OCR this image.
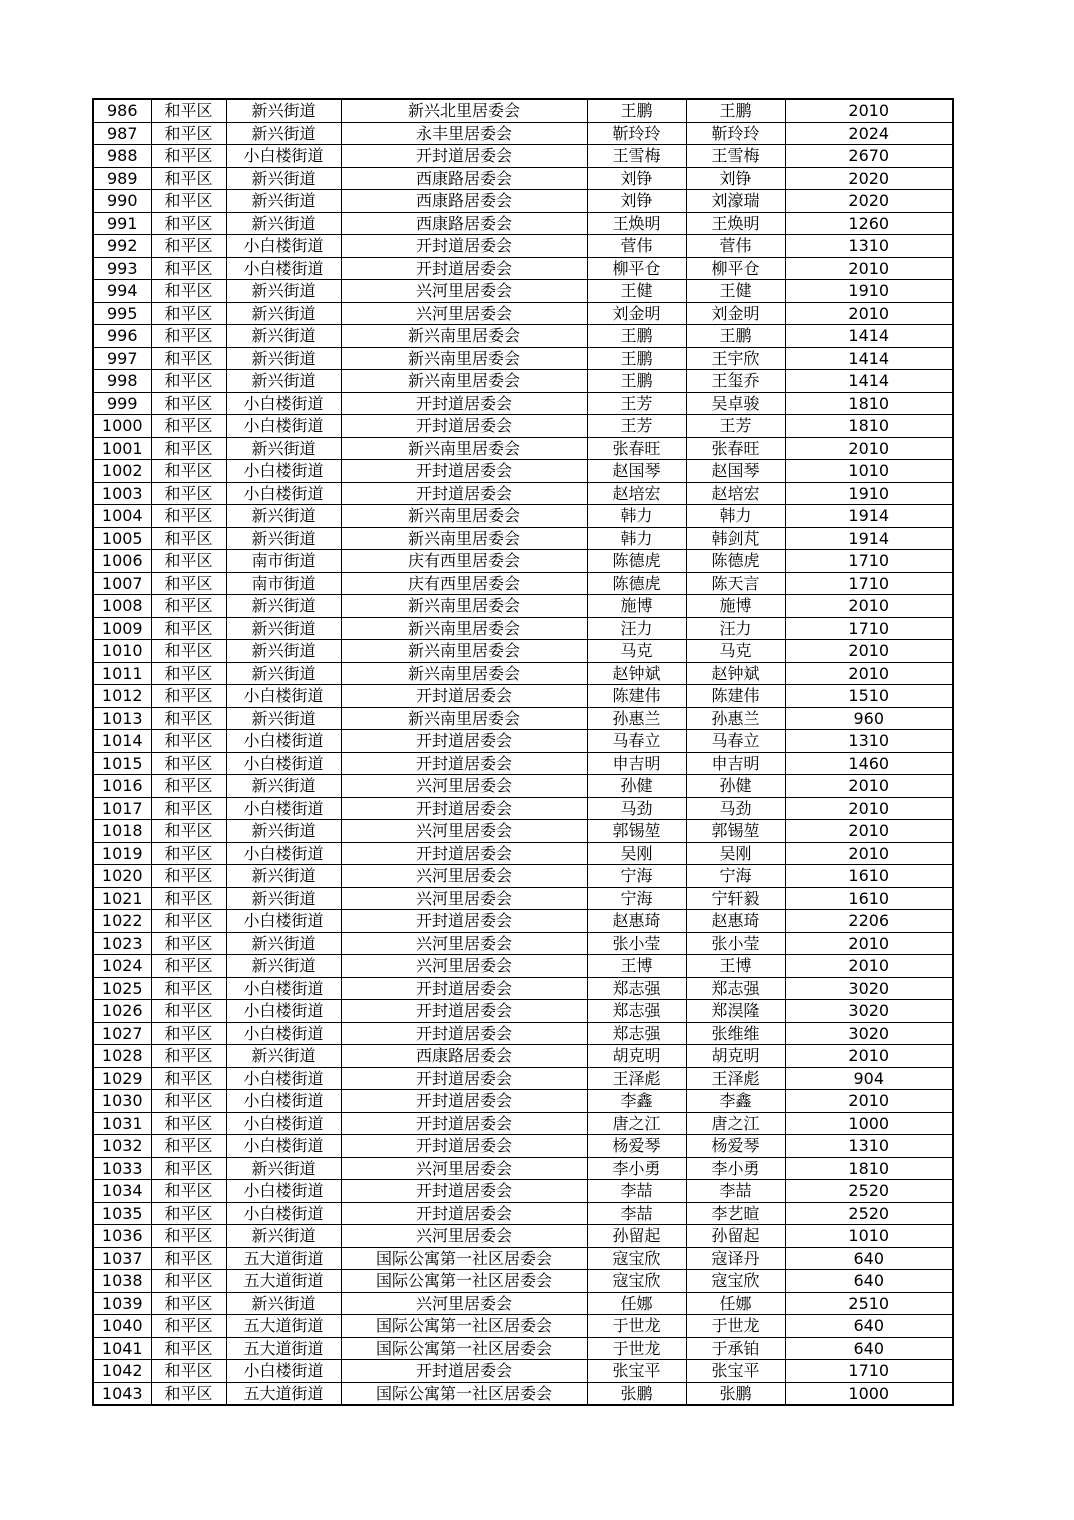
986	和平区	新兴街道	新兴北里居委会	王鹏	王鹏	2010
987	和平区	新兴街道	永丰里居委会	靳玲玲	靳玲玲	2024
988	和平区	小白楼街道	开封道居委会	王雪梅	王雪梅	2670
989	和平区	新兴街道	西康路居委会	刘铮	刘铮	2020
990	和平区	新兴街道	西康路居委会	刘铮	刘濠瑞	2020
991	和平区	新兴街道	西康路居委会	王焕明	王焕明	1260
992	和平区	小白楼街道	开封道居委会	菅伟	菅伟	1310
993	和平区	小白楼街道	开封道居委会	柳平仓	柳平仓	2010
994	和平区	新兴街道	兴河里居委会	王健	王健	1910
995	和平区	新兴街道	兴河里居委会	刘金明	刘金明	2010
996	和平区	新兴街道	新兴南里居委会	王鹏	王鹏	1414
997	和平区	新兴街道	新兴南里居委会	王鹏	王宇欣	1414
998	和平区	新兴街道	新兴南里居委会	王鹏	王玺乔	1414
999	和平区	小白楼街道	开封道居委会	王芳	吴卓骏	1810
1000	和平区	小白楼街道	开封道居委会	王芳	王芳	1810
1001	和平区	新兴街道	新兴南里居委会	张春旺	张春旺	2010
1002	和平区	小白楼街道	开封道居委会	赵国琴	赵国琴	1010
1003	和平区	小白楼街道	开封道居委会	赵培宏	赵培宏	1910
1004	和平区	新兴街道	新兴南里居委会	韩力	韩力	1914
1005	和平区	新兴街道	新兴南里居委会	韩力	韩剑芃	1914
1006	和平区	南市街道	庆有西里居委会	陈德虎	陈德虎	1710
1007	和平区	南市街道	庆有西里居委会	陈德虎	陈天言	1710
1008	和平区	新兴街道	新兴南里居委会	施博	施博	2010
1009	和平区	新兴街道	新兴南里居委会	汪力	汪力	1710
1010	和平区	新兴街道	新兴南里居委会	马克	马克	2010
1011	和平区	新兴街道	新兴南里居委会	赵钟斌	赵钟斌	2010
1012	和平区	小白楼街道	开封道居委会	陈建伟	陈建伟	1510
1013	和平区	新兴街道	新兴南里居委会	孙惠兰	孙惠兰	960
1014	和平区	小白楼街道	开封道居委会	马春立	马春立	1310
1015	和平区	小白楼街道	开封道居委会	申吉明	申吉明	1460
1016	和平区	新兴街道	兴河里居委会	孙健	孙健	2010
1017	和平区	小白楼街道	开封道居委会	马劲	马劲	2010
1018	和平区	新兴街道	兴河里居委会	郭锡堃	郭锡堃	2010
1019	和平区	小白楼街道	开封道居委会	吴刚	吴刚	2010
1020	和平区	新兴街道	兴河里居委会	宁海	宁海	1610
1021	和平区	新兴街道	兴河里居委会	宁海	宁轩毅	1610
1022	和平区	小白楼街道	开封道居委会	赵惠琦	赵惠琦	2206
1023	和平区	新兴街道	兴河里居委会	张小莹	张小莹	2010
1024	和平区	新兴街道	兴河里居委会	王博	王博	2010
1025	和平区	小白楼街道	开封道居委会	郑志强	郑志强	3020
1026	和平区	小白楼街道	开封道居委会	郑志强	郑淏隆	3020
1027	和平区	小白楼街道	开封道居委会	郑志强	张维维	3020
1028	和平区	新兴街道	西康路居委会	胡克明	胡克明	2010
1029	和平区	小白楼街道	开封道居委会	王泽彪	王泽彪	904
1030	和平区	小白楼街道	开封道居委会	李鑫	李鑫	2010
1031	和平区	小白楼街道	开封道居委会	唐之江	唐之江	1000
1032	和平区	小白楼街道	开封道居委会	杨爱琴	杨爱琴	1310
1033	和平区	新兴街道	兴河里居委会	李小勇	李小勇	1810
1034	和平区	小白楼街道	开封道居委会	李喆	李喆	2520
1035	和平区	小白楼街道	开封道居委会	李喆	李艺暄	2520
1036	和平区	新兴街道	兴河里居委会	孙留起	孙留起	1010
1037	和平区	五大道街道	国际公寓第一社区居委会	寇宝欣	寇译丹	640
1038	和平区	五大道街道	国际公寓第一社区居委会	寇宝欣	寇宝欣	640
1039	和平区	新兴街道	兴河里居委会	任娜	任娜	2510
1040	和平区	五大道街道	国际公寓第一社区居委会	于世龙	于世龙	640
1041	和平区	五大道街道	国际公寓第一社区居委会	于世龙	于承铂	640
1042	和平区	小白楼街道	开封道居委会	张宝平	张宝平	1710
1043	和平区	五大道街道	国际公寓第一社区居委会	张鹏	张鹏	1000
